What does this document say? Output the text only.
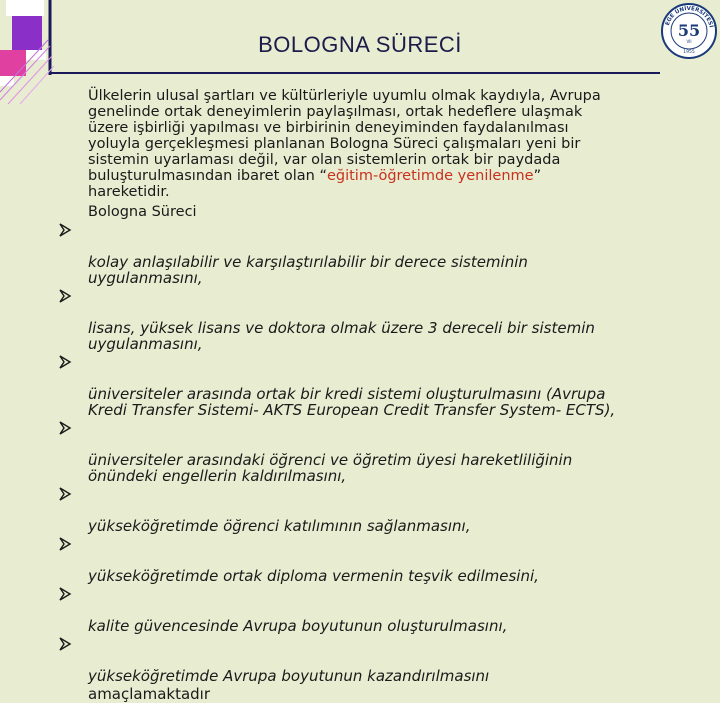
BOLOGNA SÜRECİ
EGE ÜNİVERSİTESİ
55
VII
1955

Ülkelerin ulusal şartları ve kültürleriyle uyumlu olmak kaydıyla, Avrupa
genelinde ortak deneyimlerin paylaşılması, ortak hedeflere ulaşmak
üzere işbirliği yapılması ve birbirinin deneyiminden faydalanılması
yoluyla gerçekleşmesi planlanan Bologna Süreci çalışmaları yeni bir
sistemin uyarlaması değil, var olan sistemlerin ortak bir paydada
buluşturulmasından ibaret olan “eğitim-öğretimde yenilenme”
hareketidir.

Bologna Süreci

kolay anlaşılabilir ve karşılaştırılabilir bir derece sisteminin
uygulanmasını,

lisans, yüksek lisans ve doktora olmak üzere 3 dereceli bir sistemin
uygulanmasını,

üniversiteler arasında ortak bir kredi sistemi oluşturulmasını (Avrupa
Kredi Transfer Sistemi- AKTS European Credit Transfer System- ECTS),

üniversiteler arasındaki öğrenci ve öğretim üyesi hareketliliğinin
önündeki engellerin kaldırılmasını,

yükseköğretimde öğrenci katılımının sağlanmasını,

yükseköğretimde ortak diploma vermenin teşvik edilmesini,

kalite güvencesinde Avrupa boyutunun oluşturulmasını,

yükseköğretimde Avrupa boyutunun kazandırılmasını

amaçlamaktadır
